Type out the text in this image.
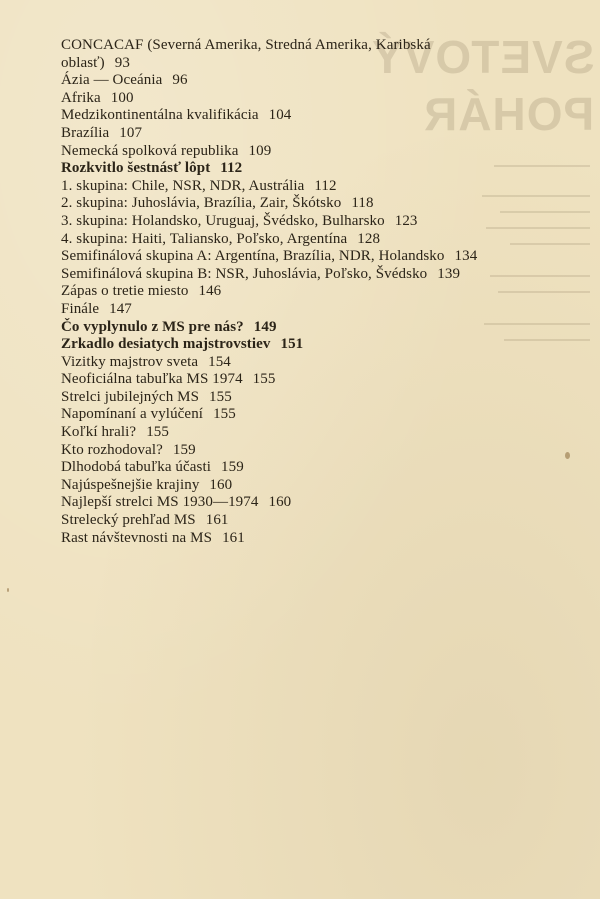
SVETOVÝ
POHÁR
CONCACAF (Severná Amerika, Stredná Amerika, Karibská
oblasť) 93
Ázia — Oceánia 96
Afrika 100
Medzikontinentálna kvalifikácia 104
Brazília 107
Nemecká spolková republika 109
Rozkvitlo šestnásť lôpt 112
1. skupina: Chile, NSR, NDR, Austrália 112
2. skupina: Juhoslávia, Brazília, Zair, Škótsko 118
3. skupina: Holandsko, Uruguaj, Švédsko, Bulharsko 123
4. skupina: Haiti, Taliansko, Poľsko, Argentína 128
Semifinálová skupina A: Argentína, Brazília, NDR, Holandsko 134
Semifinálová skupina B: NSR, Juhoslávia, Poľsko, Švédsko 139
Zápas o tretie miesto 146
Finále 147
Čo vyplynulo z MS pre nás? 149
Zrkadlo desiatych majstrovstiev 151
Vizitky majstrov sveta 154
Neoficiálna tabuľka MS 1974 155
Strelci jubilejných MS 155
Napomínaní a vylúčení 155
Koľkí hrali? 155
Kto rozhodoval? 159
Dlhodobá tabuľka účasti 159
Najúspešnejšie krajiny 160
Najlepší strelci MS 1930—1974 160
Strelecký prehľad MS 161
Rast návštevnosti na MS 161
